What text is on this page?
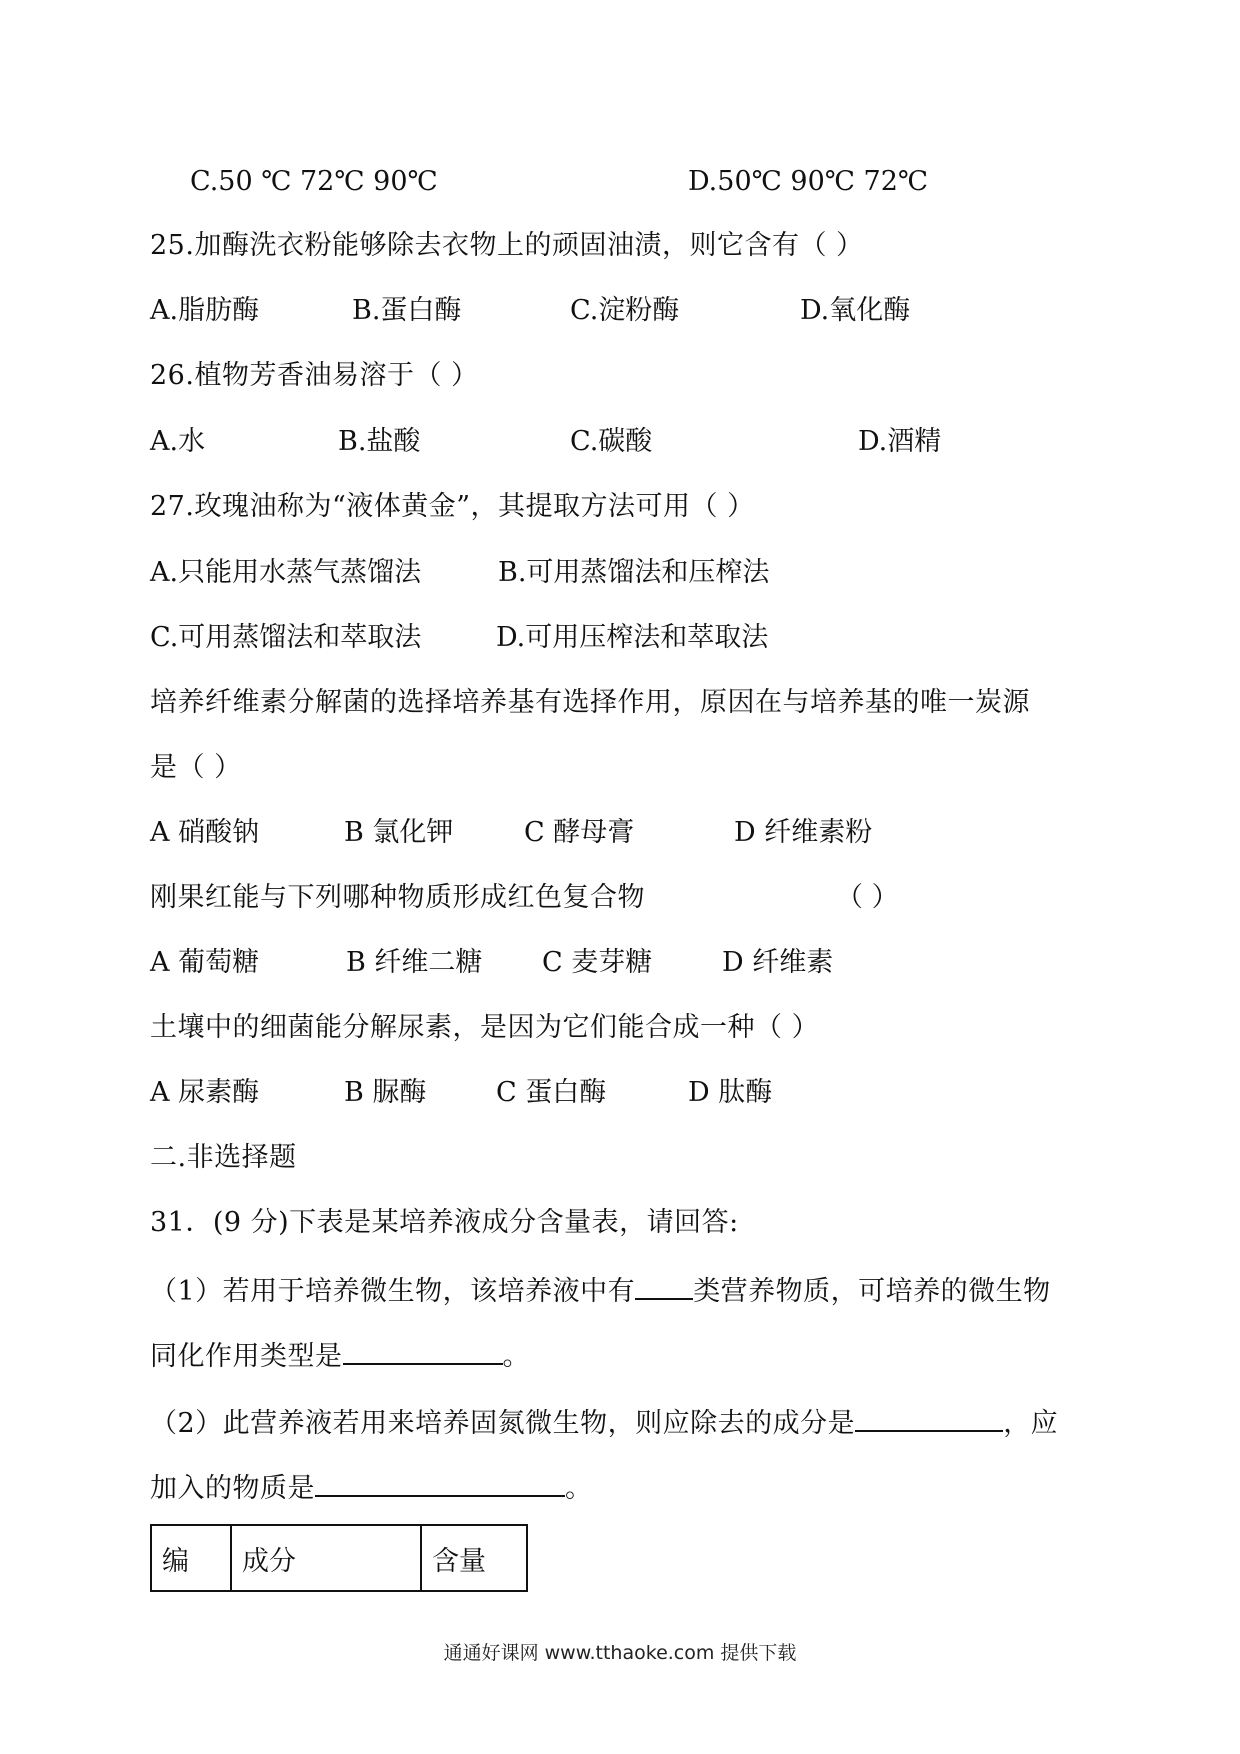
C.50 ℃ 72℃ 90℃	D.50℃ 90℃ 72℃
25.加酶洗衣粉能够除去衣物上的顽固油渍，则它含有（ ）
A.脂肪酶	B.蛋白酶	C.淀粉酶	D.氧化酶
26.植物芳香油易溶于（ ）
A.水	B.盐酸	C.碳酸	D.酒精
27.玫瑰油称为“液体黄金”，其提取方法可用（ ）
A.只能用水蒸气蒸馏法	B.可用蒸馏法和压榨法
C.可用蒸馏法和萃取法	D.可用压榨法和萃取法
培养纤维素分解菌的选择培养基有选择作用，原因在与培养基的唯一炭源
是（ ）
A 硝酸钠	B 氯化钾	C 酵母膏	D 纤维素粉
刚果红能与下列哪种物质形成红色复合物	（ ）
A 葡萄糖	B 纤维二糖 C 麦芽糖	D 纤维素
土壤中的细菌能分解尿素，是因为它们能合成一种（ ）
A 尿素酶	B 脲酶	C 蛋白酶	D 肽酶
二.非选择题
31．(9 分)下表是某培养液成分含量表，请回答:
（1）若用于培养微生物，该培养液中有 类营养物质，可培养的微生物
同化作用类型是	。
（2）此营养液若用来培养固氮微生物，则应除去的成分是	，应
加入的物质是	。
编	成分	含量
通通好课网 www.tthaoke.com 提供下载
